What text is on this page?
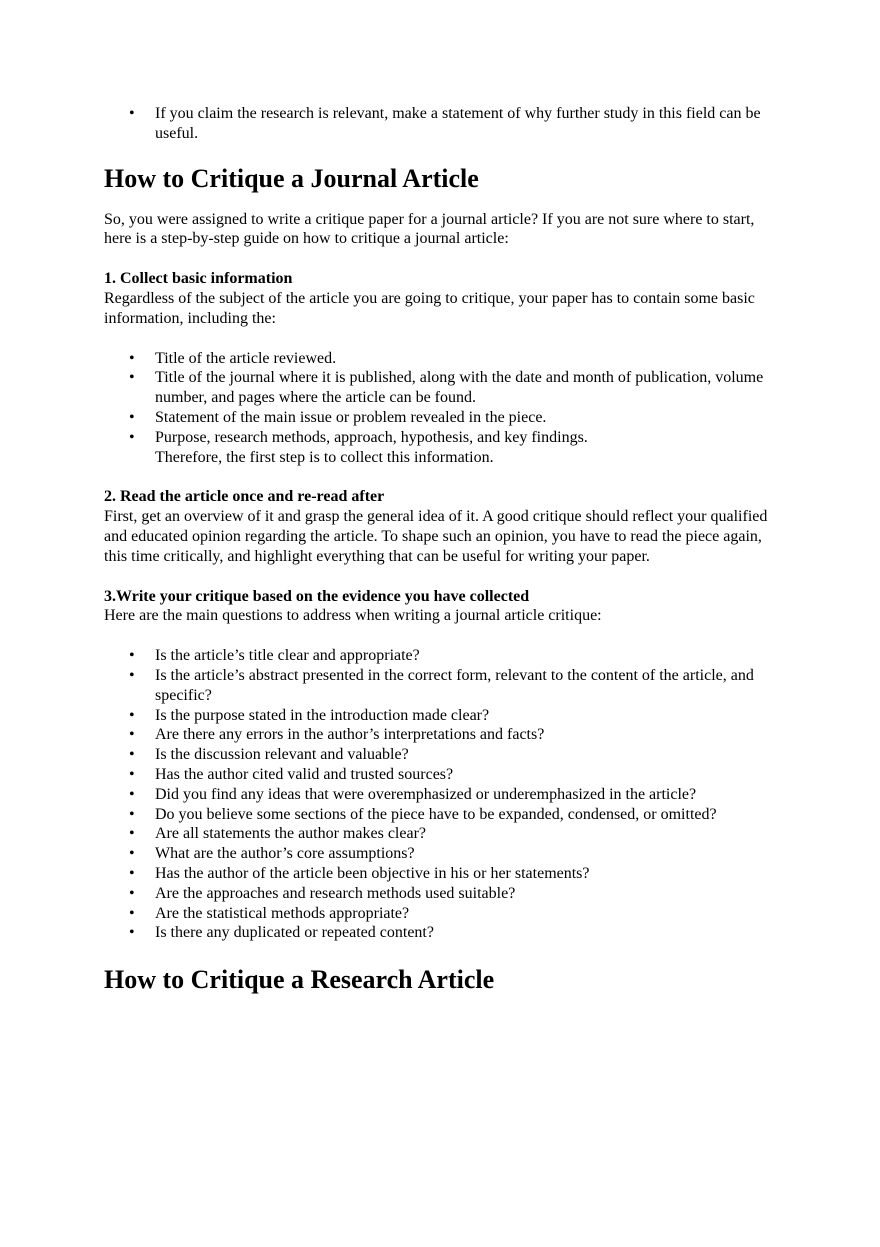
• If you claim the research is relevant, make a statement of why further study in this field can be useful.
How to Critique a Journal Article

So, you were assigned to write a critique paper for a journal article? If you are not sure where to start, here is a step-by-step guide on how to critique a journal article:

1. Collect basic information

Regardless of the subject of the article you are going to critique, your paper has to contain some basic information, including the:

• Title of the article reviewed.
• Title of the journal where it is published, along with the date and month of publication, volume number, and pages where the article can be found.
• Statement of the main issue or problem revealed in the piece.
• Purpose, research methods, approach, hypothesis, and key findings.

Therefore, the first step is to collect this information.

2. Read the article once and re-read after

First, get an overview of it and grasp the general idea of it. A good critique should reflect your qualified and educated opinion regarding the article. To shape such an opinion, you have to read the piece again, this time critically, and highlight everything that can be useful for writing your paper.

3.Write your critique based on the evidence you have collected

Here are the main questions to address when writing a journal article critique:

• Is the article’s title clear and appropriate?
• Is the article’s abstract presented in the correct form, relevant to the content of the article, and specific?
• Is the purpose stated in the introduction made clear?
• Are there any errors in the author’s interpretations and facts?
• Is the discussion relevant and valuable?
• Has the author cited valid and trusted sources?
• Did you find any ideas that were overemphasized or underemphasized in the article?
• Do you believe some sections of the piece have to be expanded, condensed, or omitted?
• Are all statements the author makes clear?
• What are the author’s core assumptions?
• Has the author of the article been objective in his or her statements?
• Are the approaches and research methods used suitable?
• Are the statistical methods appropriate?
• Is there any duplicated or repeated content?
How to Critique a Research Article
